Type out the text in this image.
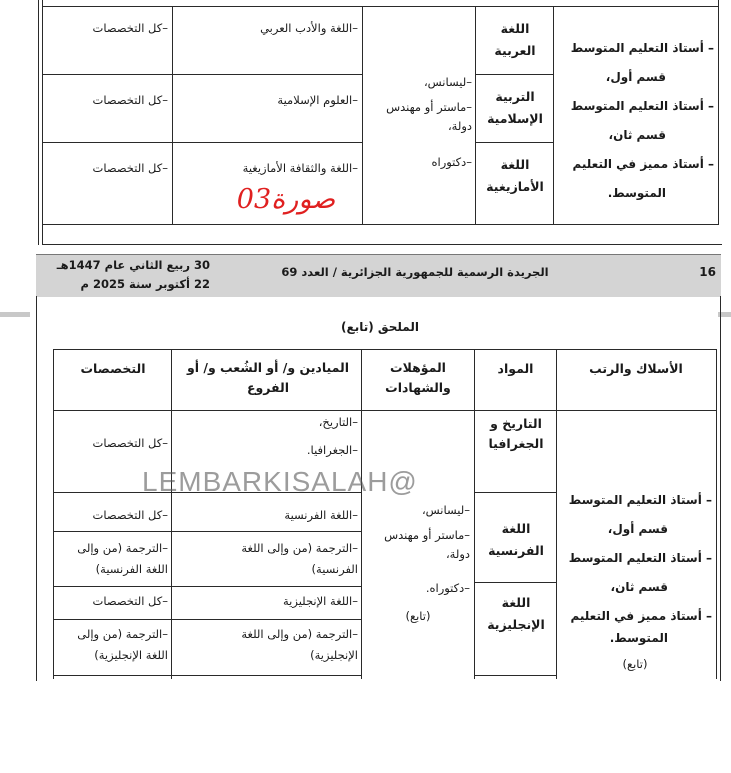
اللغة العربية
–اللغة والأدب العربي
–كل التخصصات
التربية الإسلامية
–العلوم الإسلامية
–كل التخصصات
اللغة الأمازيغية
–اللغة والثقافة الأمازيغية
–كل التخصصات
–ليسانس،
–ماستر أو مهندس دولة،
–دكتوراه
– أستاذ التعليم المتوسط
قسم أول،
– أستاذ التعليم المتوسط
قسم ثان،
– أستاذ مميز في التعليم
المتوسط.
صورة03
16
الجريدة الرسمية للجمهورية الجزائرية / العدد 69
30 ربيع الثاني عام 1447هـ
22 أكتوبر سنة 2025 م
الملحق (تابع)
الأسلاك والرتب
المواد
المؤهلات والشهادات
الميادين و/ أو الشُعب و/ أو الفروع
التخصصات
التاريخ و الجغرافيا
اللغة الفرنسية
اللغة الإنجليزية
–التاريخ،
–الجغرافيا.
–اللغة الفرنسية
–الترجمة (من وإلى اللغة الفرنسية)
–اللغة الإنجليزية
–الترجمة (من وإلى اللغة الإنجليزية)
–كل التخصصات
–كل التخصصات
–الترجمة (من وإلى اللغة الفرنسية)
–كل التخصصات
–الترجمة (من وإلى اللغة الإنجليزية)
–ليسانس،
–ماستر أو مهندس دولة،
–دكتوراه.
(تابع)
– أستاذ التعليم المتوسط
قسم أول،
– أستاذ التعليم المتوسط
قسم ثان،
– أستاذ مميز في التعليم
المتوسط.
(تابع)
LEMBARKISALAH@
